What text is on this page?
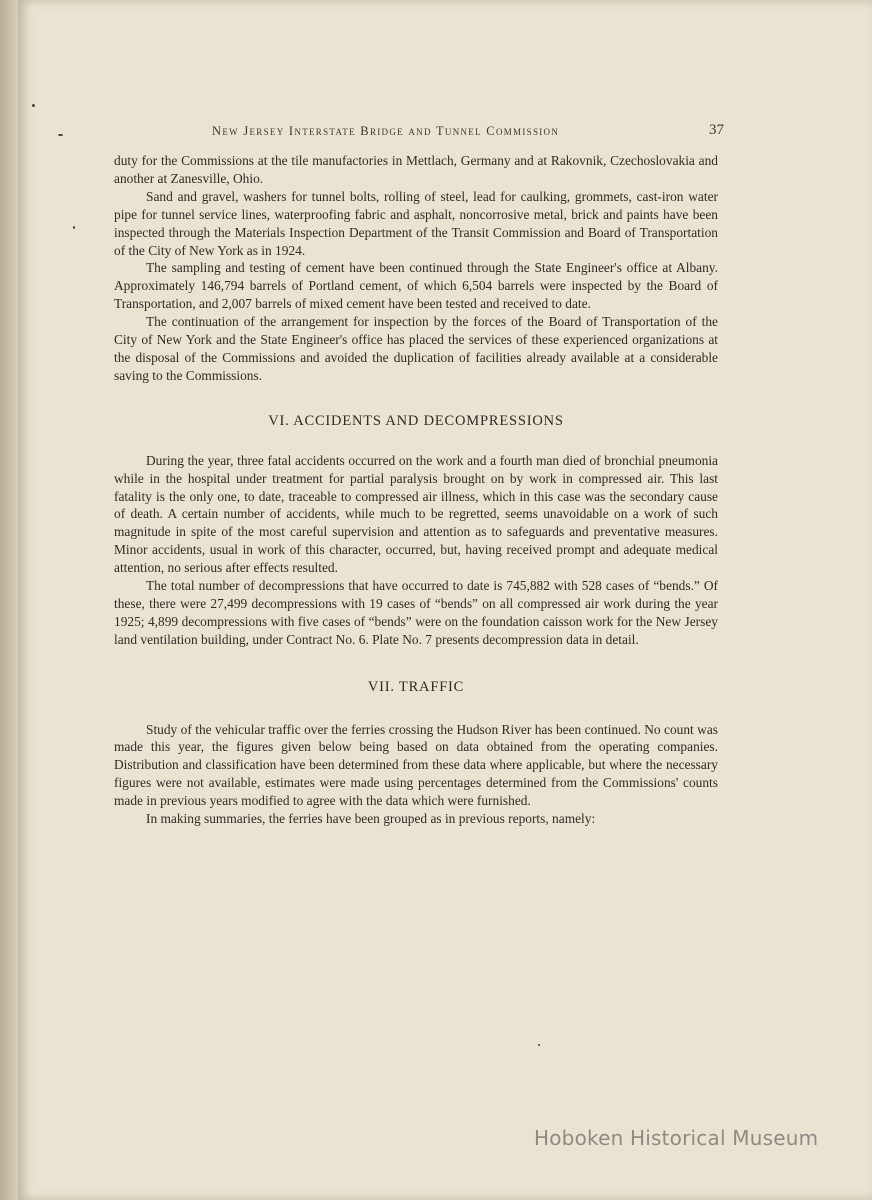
New Jersey Interstate Bridge and Tunnel Commission	37

duty for the Commissions at the tile manufactories in Mettlach, Germany and at Rakovnik, Czechoslovakia and another at Zanesville, Ohio.

Sand and gravel, washers for tunnel bolts, rolling of steel, lead for caulking, grommets, cast-iron water pipe for tunnel service lines, waterproofing fabric and asphalt, noncorrosive metal, brick and paints have been inspected through the Materials Inspection Department of the Transit Commission and Board of Transportation of the City of New York as in 1924.

The sampling and testing of cement have been continued through the State Engineer's office at Albany. Approximately 146,794 barrels of Portland cement, of which 6,504 barrels were inspected by the Board of Transportation, and 2,007 barrels of mixed cement have been tested and received to date.

The continuation of the arrangement for inspection by the forces of the Board of Transportation of the City of New York and the State Engineer's office has placed the services of these experienced organizations at the disposal of the Commissions and avoided the duplication of facilities already available at a considerable saving to the Commissions.

VI. ACCIDENTS AND DECOMPRESSIONS

During the year, three fatal accidents occurred on the work and a fourth man died of bronchial pneumonia while in the hospital under treatment for partial paralysis brought on by work in compressed air. This last fatality is the only one, to date, traceable to compressed air illness, which in this case was the secondary cause of death. A certain number of accidents, while much to be regretted, seems unavoidable on a work of such magnitude in spite of the most careful supervision and attention as to safeguards and preventative measures. Minor accidents, usual in work of this character, occurred, but, having received prompt and adequate medical attention, no serious after effects resulted.

The total number of decompressions that have occurred to date is 745,882 with 528 cases of “bends.” Of these, there were 27,499 decompressions with 19 cases of “bends” on all compressed air work during the year 1925; 4,899 decompressions with five cases of “bends” were on the foundation caisson work for the New Jersey land ventilation building, under Contract No. 6. Plate No. 7 presents decompression data in detail.

VII. TRAFFIC

Study of the vehicular traffic over the ferries crossing the Hudson River has been continued. No count was made this year, the figures given below being based on data obtained from the operating companies. Distribution and classification have been determined from these data where applicable, but where the necessary figures were not available, estimates were made using percentages determined from the Commissions' counts made in previous years modified to agree with the data which were furnished.

In making summaries, the ferries have been grouped as in previous reports, namely:

Hoboken Historical Museum
